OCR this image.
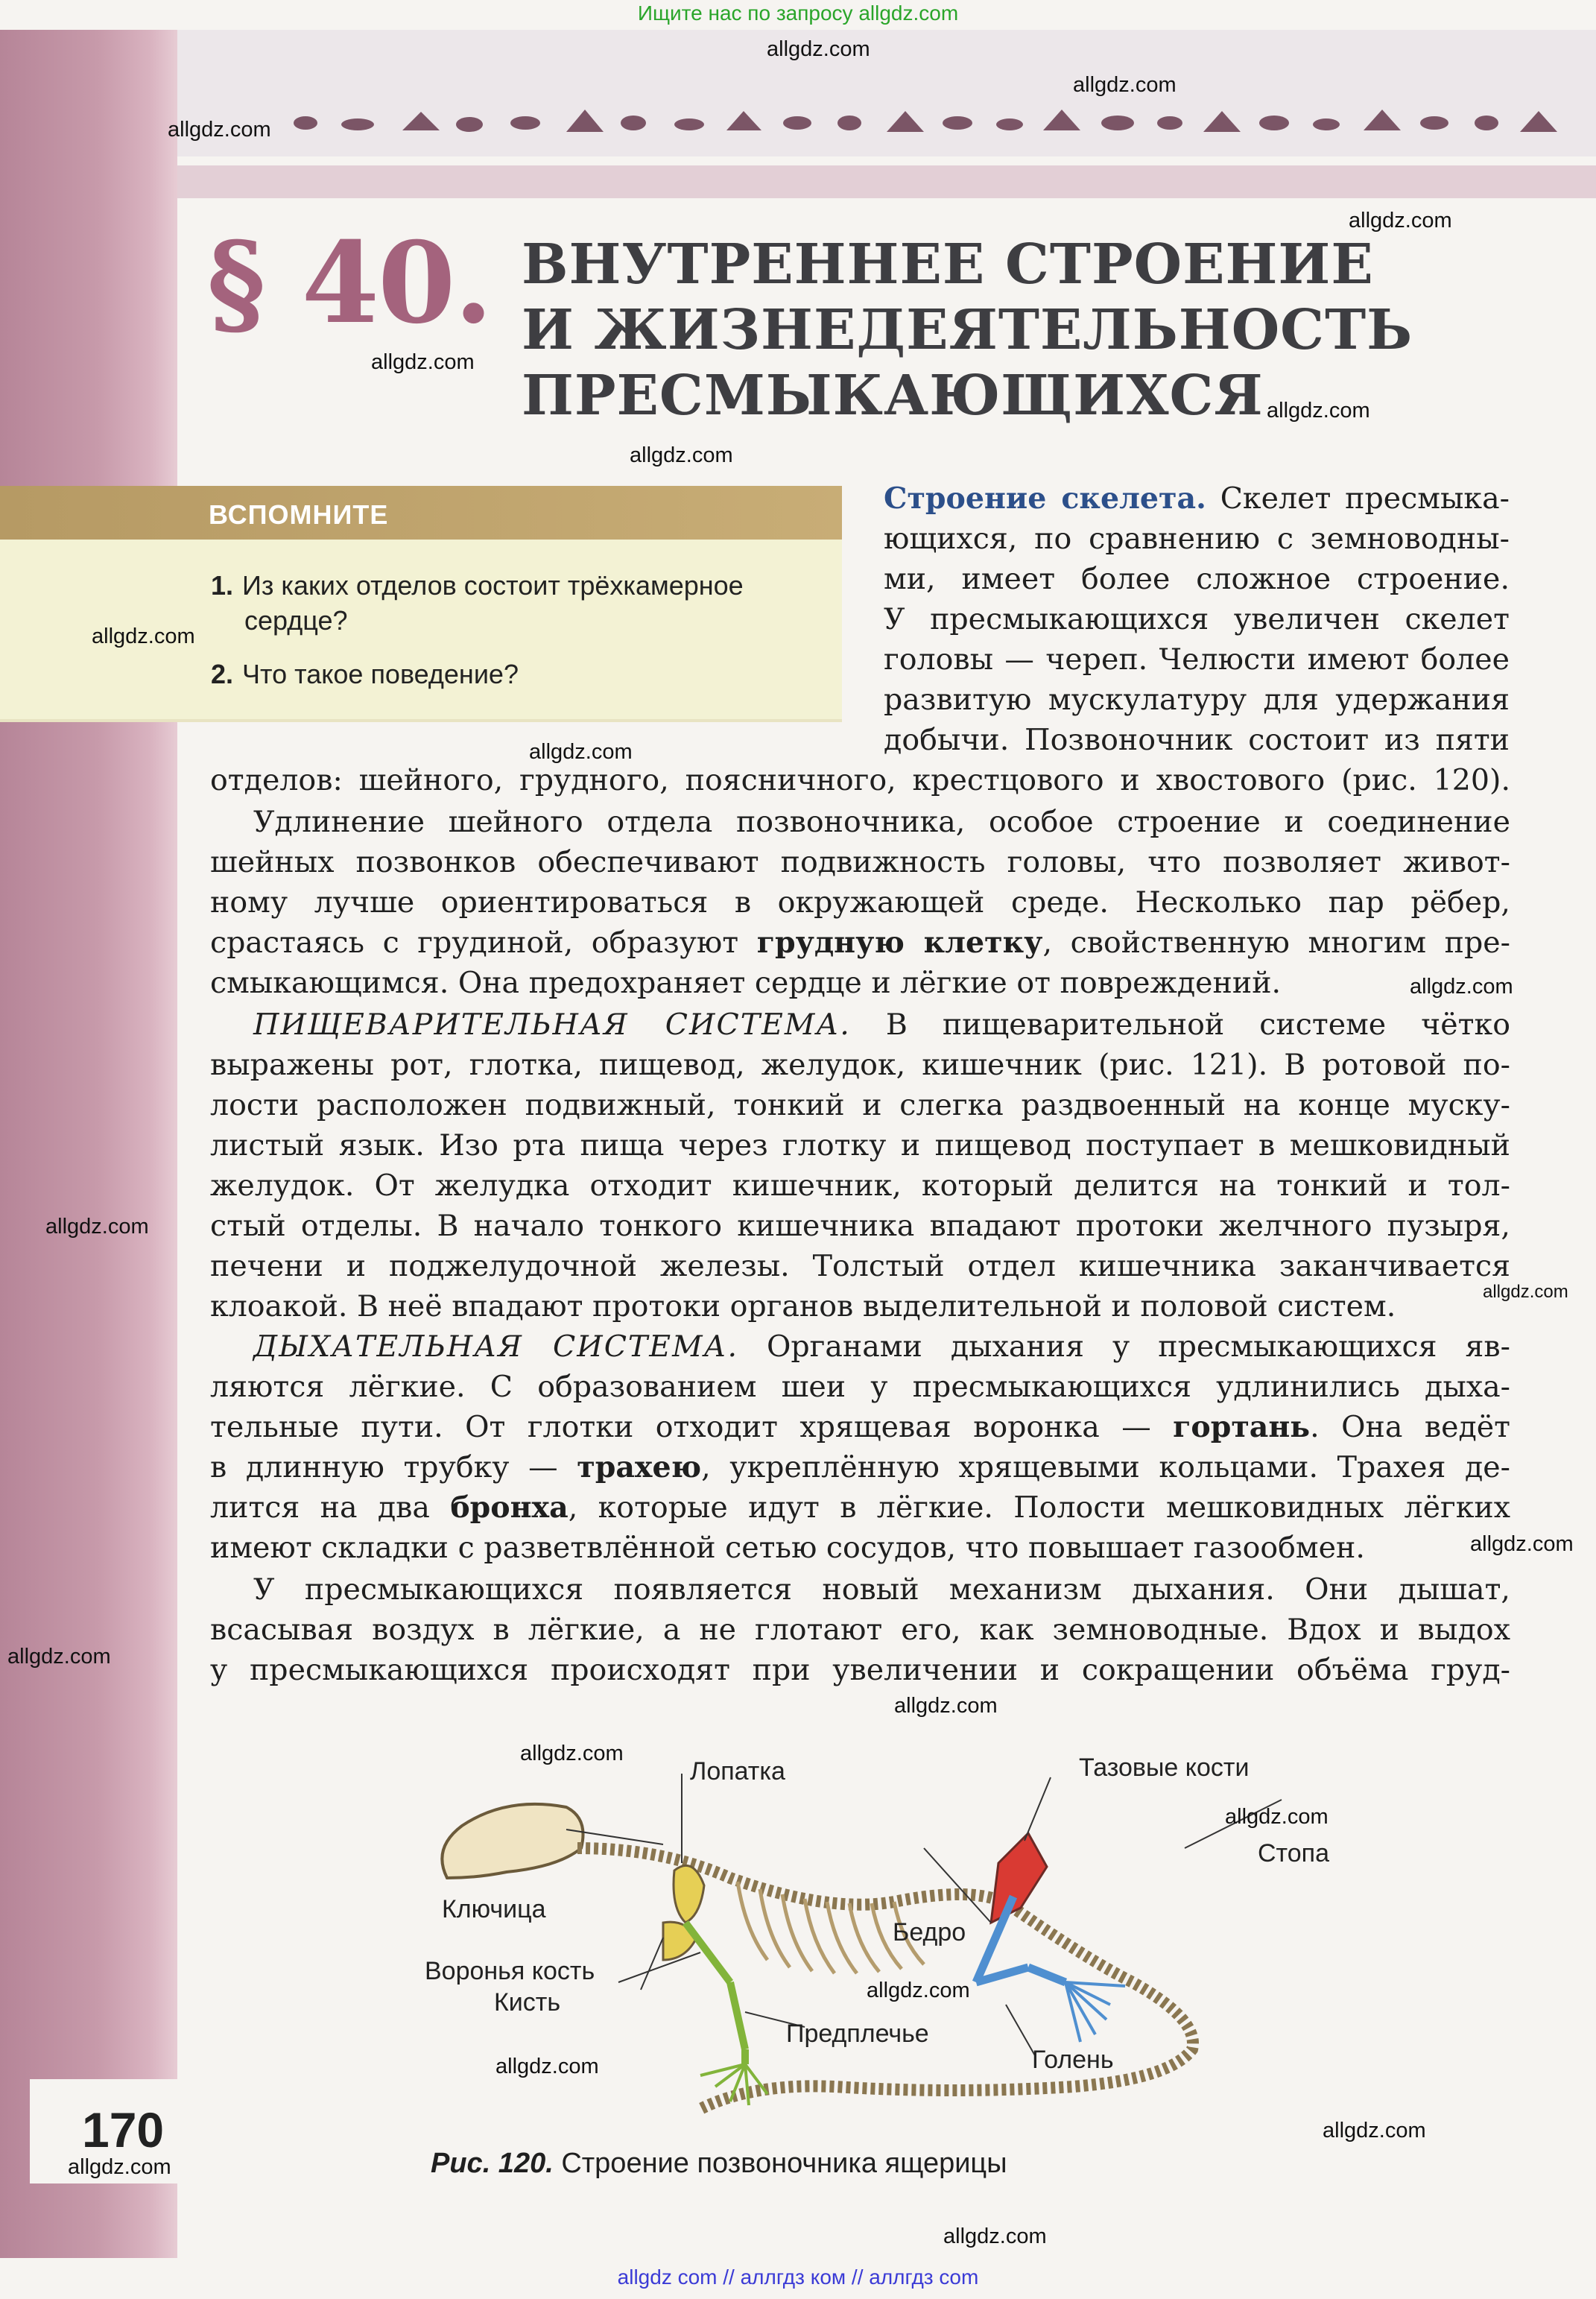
Ищите нас по запросу allgdz.com
allgdz com // аллгдз ком // аллгдз com
§ 40. ВНУТРЕННЕЕ СТРОЕНИЕ
И ЖИЗНЕДЕЯТЕЛЬНОСТЬ
ПРЕСМЫКАЮЩИХСЯ
ВСПОМНИТЕ
1. Из каких отделов состоит трёхкамерное
сердце?
2. Что такое поведение?
Строение скелета. Скелет пресмыка-
ющихся, по сравнению с земноводны-
ми, имеет более сложное строение.
У пресмыкающихся увеличен скелет
головы — череп. Челюсти имеют более
развитую мускулатуру для удержания
добычи. Позвоночник состоит из пяти
отделов: шейного, грудного, поясничного, крестцового и хвостового (рис. 120).
Удлинение шейного отдела позвоночника, особое строение и соединение
шейных позвонков обеспечивают подвижность головы, что позволяет живот-
ному лучше ориентироваться в окружающей среде. Несколько пар рёбер,
срастаясь с грудиной, образуют грудную клетку, свойственную многим пре-
смыкающимся. Она предохраняет сердце и лёгкие от повреждений.
ПИЩЕВАРИТЕЛЬНАЯ СИСТЕМА. В пищеварительной системе чётко
выражены рот, глотка, пищевод, желудок, кишечник (рис. 121). В ротовой по-
лости расположен подвижный, тонкий и слегка раздвоенный на конце муску-
листый язык. Изо рта пища через глотку и пищевод поступает в мешковидный
желудок. От желудка отходит кишечник, который делится на тонкий и тол-
стый отделы. В начало тонкого кишечника впадают протоки желчного пузыря,
печени и поджелудочной железы. Толстый отдел кишечника заканчивается
клоакой. В неё впадают протоки органов выделительной и половой систем.
ДЫХАТЕЛЬНАЯ СИСТЕМА. Органами дыхания у пресмыкающихся яв-
ляются лёгкие. С образованием шеи у пресмыкающихся удлинились дыха-
тельные пути. От глотки отходит хрящевая воронка — гортань. Она ведёт
в длинную трубку — трахею, укреплённую хрящевыми кольцами. Трахея де-
лится на два бронха, которые идут в лёгкие. Полости мешковидных лёгких
имеют складки с разветвлённой сетью сосудов, что повышает газообмен.
У пресмыкающихся появляется новый механизм дыхания. Они дышат,
всасывая воздух в лёгкие, а не глотают его, как земноводные. Вдох и выдох
у пресмыкающихся происходят при увеличении и сокращении объёма груд-
Лопатка	Тазовые кости
Стопа
Ключица
Бедро
Воронья кость
Кисть
Предплечье
Голень
Рис. 120. Строение позвоночника ящерицы
170
allgdz.com
allgdz.com
allgdz.com
allgdz.com
allgdz.com
allgdz.com
allgdz.com
allgdz.com
allgdz.com
allgdz.com
allgdz.com
allgdz.com
allgdz.com
allgdz.com
allgdz.com
allgdz.com
allgdz.com
allgdz.com
allgdz.com
allgdz.com
allgdz.com
allgdz.com
